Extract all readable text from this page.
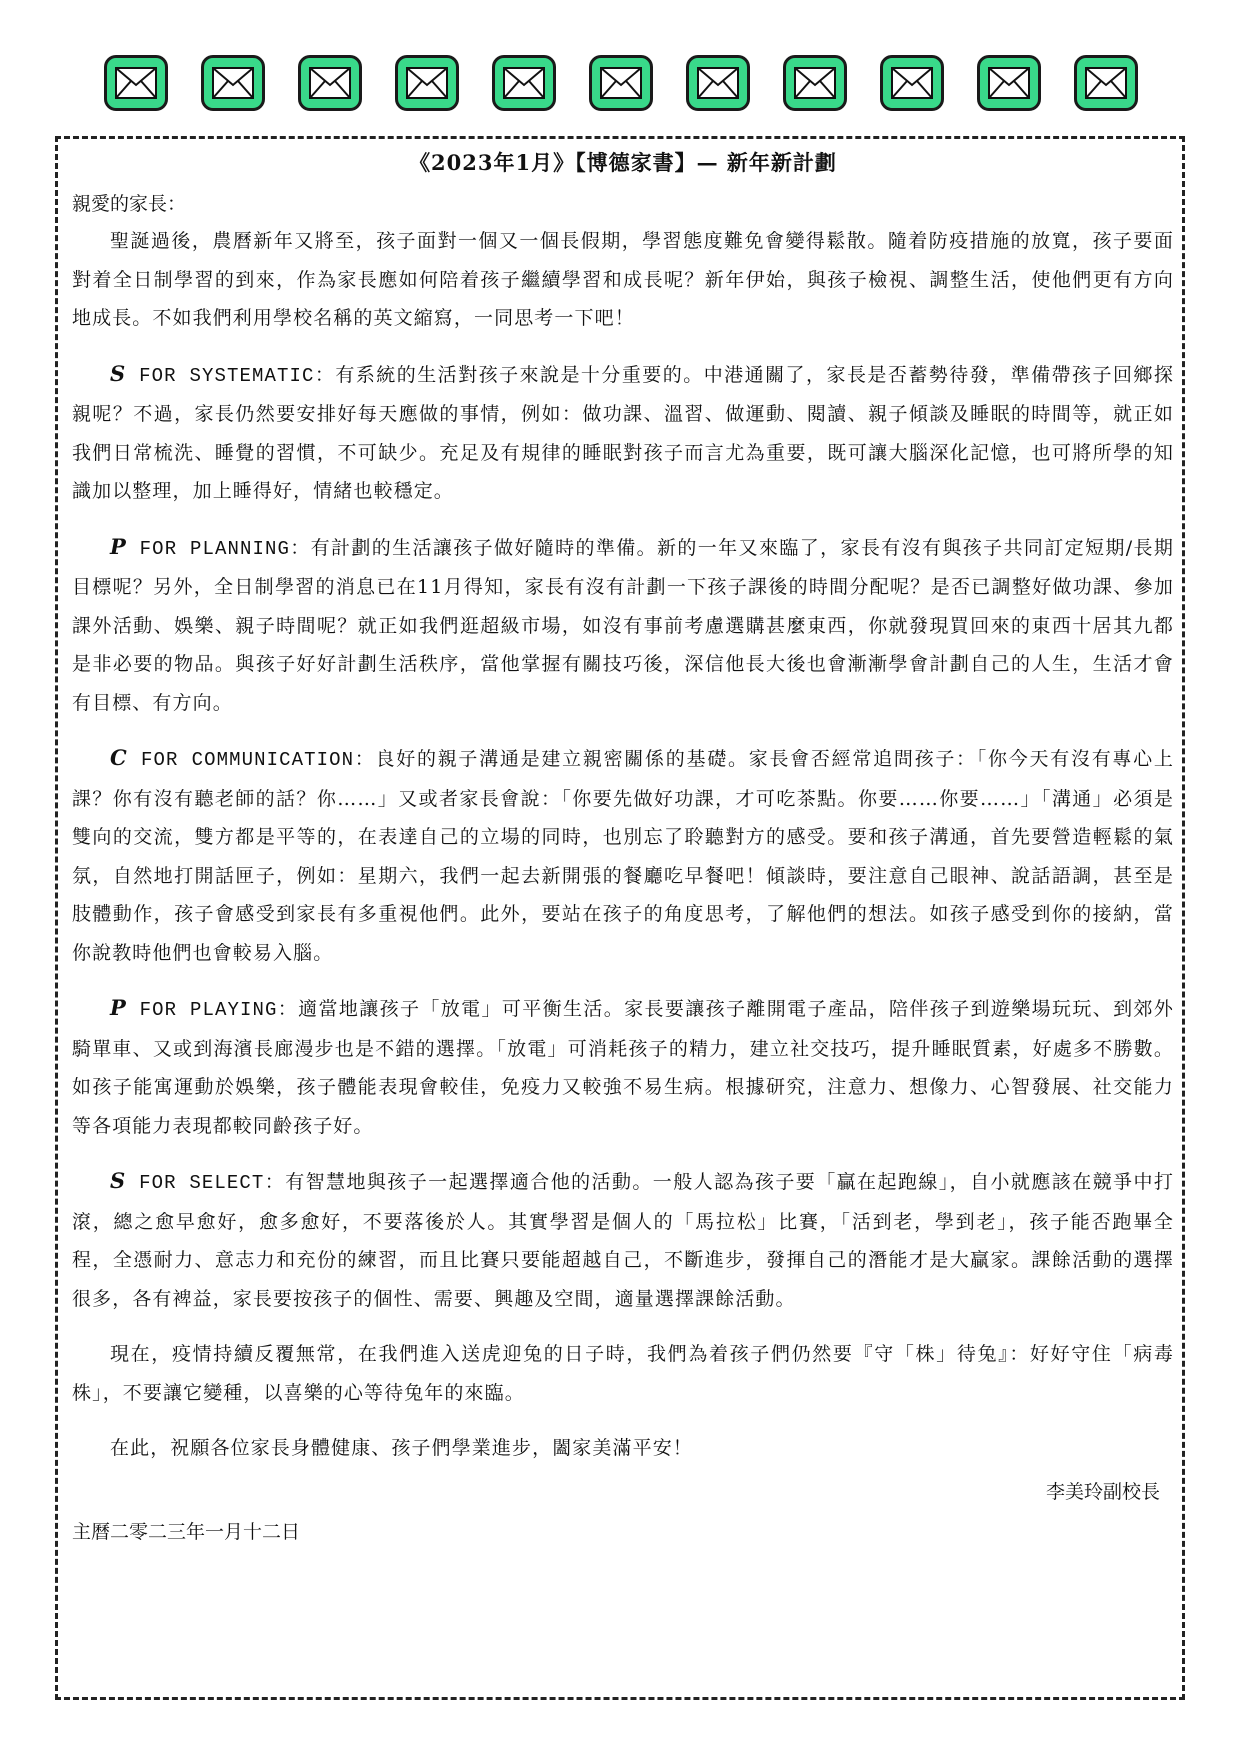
《2023年1月》【博德家書】— 新年新計劃
親愛的家長：

聖誕過後，農曆新年又將至，孩子面對一個又一個長假期，學習態度難免會變得鬆散。隨着防疫措施的放寬，孩子要面對着全日制學習的到來，作為家長應如何陪着孩子繼續學習和成長呢？新年伊始，與孩子檢視、調整生活，使他們更有方向地成長。不如我們利用學校名稱的英文縮寫，一同思考一下吧！

S FOR SYSTEMATIC：有系統的生活對孩子來說是十分重要的。中港通關了，家長是否蓄勢待發，準備帶孩子回鄉探親呢？不過，家長仍然要安排好每天應做的事情，例如：做功課、溫習、做運動、閱讀、親子傾談及睡眠的時間等，就正如我們日常梳洗、睡覺的習慣，不可缺少。充足及有規律的睡眠對孩子而言尤為重要，既可讓大腦深化記憶，也可將所學的知識加以整理，加上睡得好，情緒也較穩定。

P FOR PLANNING：有計劃的生活讓孩子做好隨時的準備。新的一年又來臨了，家長有沒有與孩子共同訂定短期/長期目標呢？另外，全日制學習的消息已在11月得知，家長有沒有計劃一下孩子課後的時間分配呢？是否已調整好做功課、參加課外活動、娛樂、親子時間呢？就正如我們逛超級市場，如沒有事前考慮選購甚麼東西，你就發現買回來的東西十居其九都是非必要的物品。與孩子好好計劃生活秩序，當他掌握有關技巧後，深信他長大後也會漸漸學會計劃自己的人生，生活才會有目標、有方向。

C FOR COMMUNICATION：良好的親子溝通是建立親密關係的基礎。家長會否經常追問孩子：「你今天有沒有專心上課？你有沒有聽老師的話？你……」又或者家長會說：「你要先做好功課，才可吃茶點。你要……你要……」「溝通」必須是雙向的交流，雙方都是平等的，在表達自己的立場的同時，也別忘了聆聽對方的感受。要和孩子溝通，首先要營造輕鬆的氣氛，自然地打開話匣子，例如：星期六，我們一起去新開張的餐廳吃早餐吧！傾談時，要注意自己眼神、說話語調，甚至是肢體動作，孩子會感受到家長有多重視他們。此外，要站在孩子的角度思考，了解他們的想法。如孩子感受到你的接納，當你說教時他們也會較易入腦。

P FOR PLAYING：適當地讓孩子「放電」可平衡生活。家長要讓孩子離開電子產品，陪伴孩子到遊樂場玩玩、到郊外騎單車、又或到海濱長廊漫步也是不錯的選擇。「放電」可消耗孩子的精力，建立社交技巧，提升睡眠質素，好處多不勝數。如孩子能寓運動於娛樂，孩子體能表現會較佳，免疫力又較強不易生病。根據研究，注意力、想像力、心智發展、社交能力等各項能力表現都較同齡孩子好。

S FOR SELECT：有智慧地與孩子一起選擇適合他的活動。一般人認為孩子要「贏在起跑線」，自小就應該在競爭中打滾，總之愈早愈好，愈多愈好，不要落後於人。其實學習是個人的「馬拉松」比賽，「活到老，學到老」，孩子能否跑畢全程，全憑耐力、意志力和充份的練習，而且比賽只要能超越自己，不斷進步，發揮自己的潛能才是大贏家。課餘活動的選擇很多，各有裨益，家長要按孩子的個性、需要、興趣及空間，適量選擇課餘活動。

現在，疫情持續反覆無常，在我們進入送虎迎兔的日子時，我們為着孩子們仍然要『守「株」待兔』：好好守住「病毒株」，不要讓它變種，以喜樂的心等待兔年的來臨。

在此，祝願各位家長身體健康、孩子們學業進步，闔家美滿平安！

李美玲副校長
主曆二零二三年一月十二日
